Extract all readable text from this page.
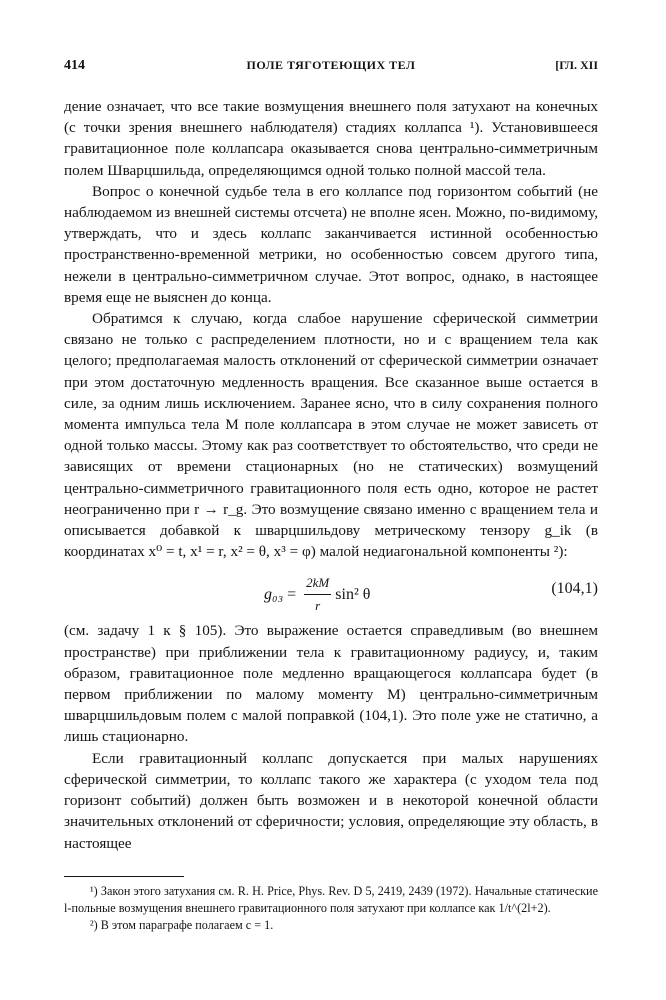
414	ПОЛЕ ТЯГОТЕЮЩИХ ТЕЛ	[ГЛ. XII

дение означает, что все такие возмущения внешнего поля затухают на конечных (с точки зрения внешнего наблюдателя) стадиях коллапса ¹). Установившееся гравитационное поле коллапсара оказывается снова центрально-симметричным полем Шварцшильда, определяющимся одной только полной массой тела.

Вопрос о конечной судьбе тела в его коллапсе под горизонтом событий (не наблюдаемом из внешней системы отсчета) не вполне ясен. Можно, по-видимому, утверждать, что и здесь коллапс заканчивается истинной особенностью пространственно-временной метрики, но особенностью совсем другого типа, нежели в центрально-симметричном случае. Этот вопрос, однако, в настоящее время еще не выяснен до конца.

Обратимся к случаю, когда слабое нарушение сферической симметрии связано не только с распределением плотности, но и с вращением тела как целого; предполагаемая малость отклонений от сферической симметрии означает при этом достаточную медленность вращения. Все сказанное выше остается в силе, за одним лишь исключением. Заранее ясно, что в силу сохранения полного момента импульса тела M поле коллапсара в этом случае не может зависеть от одной только массы. Этому как раз соответствует то обстоятельство, что среди не зависящих от времени стационарных (но не статических) возмущений центрально-симметричного гравитационного поля есть одно, которое не растет неограниченно при r → r_g. Это возмущение связано именно с вращением тела и описывается добавкой к шварцшильдову метрическому тензору g_ik (в координатах x⁰ = t, x¹ = r, x² = θ, x³ = φ) малой недиагональной компоненты ²):

$g_{03} = \frac{2kM}{r} \sin^2$ θ	(104,1)

(см. задачу 1 к § 105). Это выражение остается справедливым (во внешнем пространстве) при приближении тела к гравитационному радиусу, и, таким образом, гравитационное поле медленно вращающегося коллапсара будет (в первом приближении по малому моменту M) центрально-симметричным шварцшильдовым полем с малой поправкой (104,1). Это поле уже не статично, а лишь стационарно.

Если гравитационный коллапс допускается при малых нарушениях сферической симметрии, то коллапс такого же характера (с уходом тела под горизонт событий) должен быть возможен и в некоторой конечной области значительных отклонений от сферичности; условия, определяющие эту область, в настоящее

¹) Закон этого затухания см. R. H. Price, Phys. Rev. D 5, 2419, 2439 (1972). Начальные статические l-польные возмущения внешнего гравитационного поля затухают при коллапсе как 1/t^(2l+2).

²) В этом параграфе полагаем c = 1.
